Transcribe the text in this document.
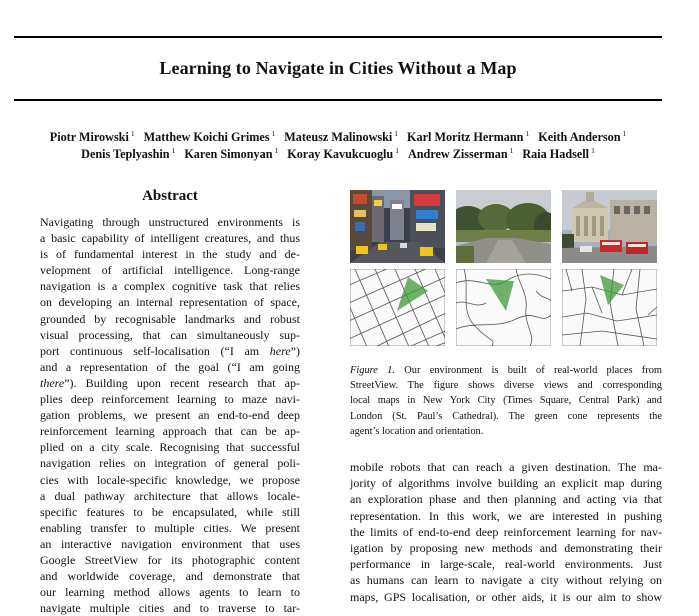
Learning to Navigate in Cities Without a Map
Piotr Mirowski $^1$ Matthew Koichi Grimes $^1$ Mateusz Malinowski $^1$ Karl Moritz Hermann $^1$ Keith Anderson $^1$
Denis Teplyashin $^1$ Karen Simonyan $^1$ Koray Kavukcuoglu $^1$ Andrew Zisserman $^1$ Raia Hadsell $^1$
Abstract
Navigating through unstructured environments is
a basic capability of intelligent creatures, and thus
is of fundamental interest in the study and de-
velopment of artificial intelligence. Long-range
navigation is a complex cognitive task that relies
on developing an internal representation of space,
grounded by recognisable landmarks and robust
visual processing, that can simultaneously sup-
port continuous self-localisation (“I am here”)
and a representation of the goal (“I am going
there”). Building upon recent research that ap-
plies deep reinforcement learning to maze navi-
gation problems, we present an end-to-end deep
reinforcement learning approach that can be ap-
plied on a city scale. Recognising that successful
navigation relies on integration of general poli-
cies with locale-specific knowledge, we propose
a dual pathway architecture that allows locale-
specific features to be encapsulated, while still
enabling transfer to multiple cities. We present
an interactive navigation environment that uses
Google StreetView for its photographic content
and worldwide coverage, and demonstrate that
our learning method allows agents to learn to
navigate multiple cities and to traverse to tar-
Figure 1. Our environment is built of real-world places from
StreetView. The figure shows diverse views and corresponding
local maps in New York City (Times Square, Central Park) and
London (St. Paul’s Cathedral). The green cone represents the
agent’s location and orientation.
mobile robots that can reach a given destination. The ma-
jority of algorithms involve building an explicit map during
an exploration phase and then planning and acting via that
representation. In this work, we are interested in pushing
the limits of end-to-end deep reinforcement learning for nav-
igation by proposing new methods and demonstrating their
performance in large-scale, real-world environments. Just
as humans can learn to navigate a city without relying on
maps, GPS localisation, or other aids, it is our aim to show
